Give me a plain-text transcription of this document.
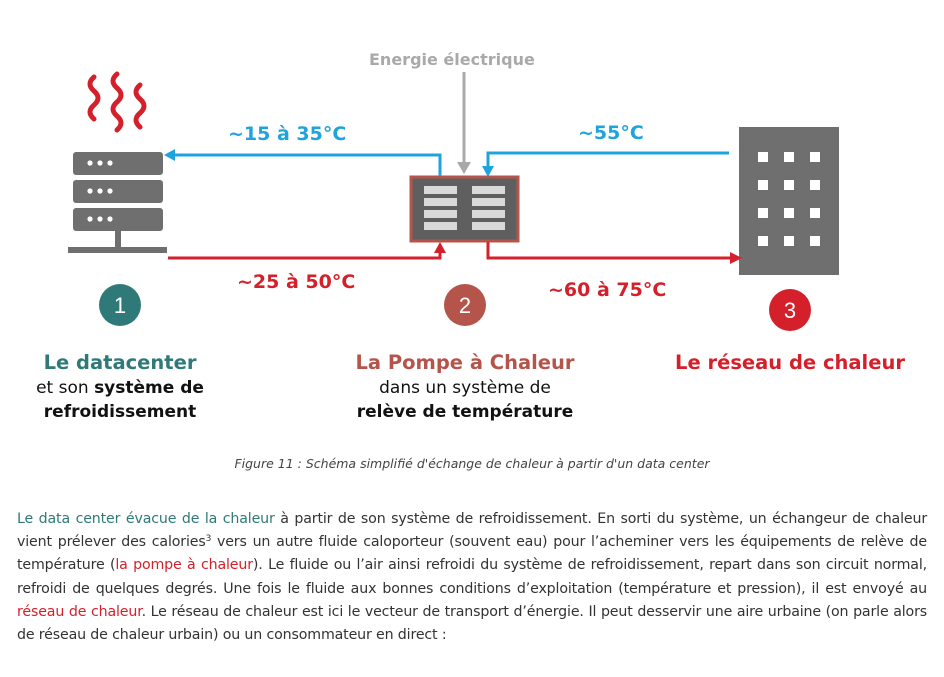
1	2	3
Energie électrique
~15 à 35°C	~55°C
~25 à 50°C	~60 à 75°C
Le datacenter
et son système de
refroidissement
La Pompe à Chaleur
dans un système de
relève de température
Le réseau de chaleur
Figure 11 : Schéma simplifié d'échange de chaleur à partir d'un data center
Le data center évacue de la chaleur à partir de son système de refroidissement. En sorti du système, un échangeur de chaleur vient prélever des calories$^3$ vers un autre fluide caloporteur (souvent eau) pour l’acheminer vers les équipements de relève de température (la pompe à chaleur). Le fluide ou l’air ainsi refroidi du système de refroidissement, repart dans son circuit normal, refroidi de quelques degrés. Une fois le fluide aux bonnes conditions d’exploitation (température et pression), il est envoyé au réseau de chaleur. Le réseau de chaleur est ici le vecteur de transport d’énergie. Il peut desservir une aire urbaine (on parle alors de réseau de chaleur urbain) ou un consommateur en direct :
